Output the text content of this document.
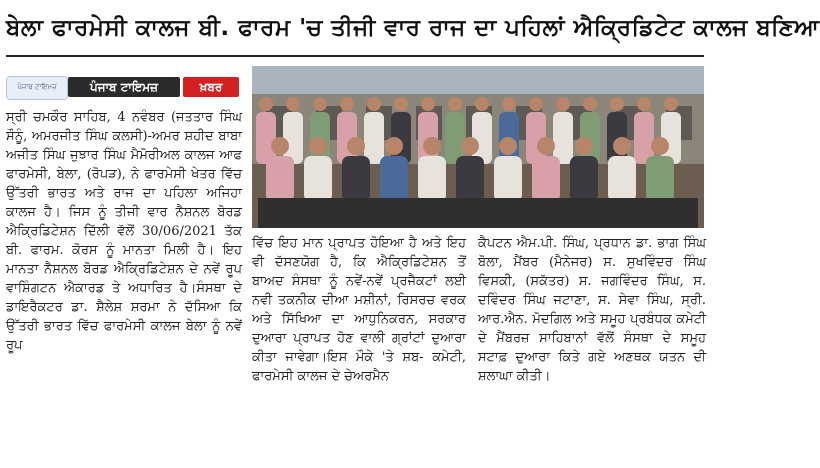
ਬੇਲਾ ਫਾਰਮੇਸੀ ਕਾਲਜ ਬੀ. ਫਾਰਮ 'ਚ ਤੀਜੀ ਵਾਰ ਰਾਜ ਦਾ ਪਹਿਲਾਂ ਐਕ੍ਰਿਡਿਟੇਟ ਕਾਲਜ ਬਣਿਆ
ਪੰਜਾਬ ਟਾਇਮਜ਼	ਪੰਜਾਬ ਟਾਇਮਜ਼	ਖ਼ਬਰ

ਸ੍ਰੀ ਚਮਕੌਰ ਸਾਹਿਬ, 4 ਨਵੰਬਰ (ਜਤਤਾਰ ਸਿੰਘ ਸੌਨੂੰ, ਅਮਰਜੀਤ ਸਿੰਘ ਕਲਸੀ)-ਅਮਰ ਸ਼ਹੀਦ ਬਾਬਾ ਅਜੀਤ ਸਿੰਘ ਜੁਝਾਰ ਸਿੰਘ ਮੈਮੋਰੀਅਲ ਕਾਲਜ ਆਫ ਫਾਰਮੇਸੀ, ਬੇਲਾ, (ਰੋਪੜ), ਨੇ ਫਾਰਮੇਸੀ ਖੇਤਰ ਵਿੱਚ ਉੱਤਰੀ ਭਾਰਤ ਅਤੇ ਰਾਜ ਦਾ ਪਹਿਲਾ ਅਜਿਹਾ ਕਾਲਜ ਹੈ। ਜਿਸ ਨੂੰ ਤੀਜੀ ਵਾਰ ਨੈਸ਼ਨਲ ਬੋਰਡ ਐਕ੍ਰਿਡਿਟੇਸ਼ਨ ਦਿੱਲੀ ਵੱਲੋਂ 30/06/2021 ਤੱਕ ਬੀ. ਫਾਰਮ. ਕੋਰਸ ਨੂੰ ਮਾਨਤਾ ਮਿਲੀ ਹੈ। ਇਹ ਮਾਨਤਾ ਨੈਸ਼ਨਲ ਬੋਰਡ ਐਕ੍ਰਿਡਿਟੇਸ਼ਨ ਦੇ ਨਵੇਂ ਰੂਪ ਵਾਸ਼ਿੰਗਟਨ ਐਕਾਰਡ ਤੇ ਅਧਾਰਿਤ ਹੈ।ਸੰਸਥਾ ਦੇ ਡਾਇਰੈਕਟਰ ਡਾ. ਸ਼ੈਲੇਸ਼ ਸ਼ਰਮਾ ਨੇ ਦੱਸਿਆ ਕਿ ਉੱਤਰੀ ਭਾਰਤ ਵਿੱਚ ਫਾਰਮੇਸੀ ਕਾਲਜ ਬੇਲਾ ਨੂੰ ਨਵੇਂ ਰੂਪ

ਵਿੱਚ ਇਹ ਮਾਨ ਪ੍ਰਾਪਤ ਹੋਇਆ ਹੈ ਅਤੇ ਇਹ ਵੀ ਦੱਸਣਯੋਗ ਹੈ, ਕਿ ਐਕ੍ਰਿਡਿਟੇਸ਼ਨ ਤੋਂ ਬਾਅਦ ਸੰਸਥਾ ਨੂੰ ਨਵੇਂ-ਨਵੇਂ ਪ੍ਰਜੈਕਟਾਂ ਲਈ ਨਵੀ ਤਕਨੀਕ ਦੀਆ ਮਸ਼ੀਨਾਂ, ਰਿਸਰਚ ਵਰਕ ਅਤੇ ਸਿੱਖਿਆ ਦਾ ਆਧੁਨਿਕਰਨ, ਸਰਕਾਰ ਦੁਆਰਾ ਪ੍ਰਾਪਤ ਹੋਣ ਵਾਲੀ ਗ੍ਰਾਂਟਾਂ ਦੁਆਰਾ ਕੀਤਾ ਜਾਵੇਗਾ।ਇਸ ਮੌਕੇ 'ਤੇ ਸ਼ਬ- ਕਮੇਟੀ, ਫਾਰਮੇਸੀ ਕਾਲਜ ਦੇ ਚੇਅਰਮੈਨ

ਕੈਪਟਨ ਐਮ.ਪੀ. ਸਿੰਘ, ਪ੍ਰਧਾਨ ਡਾ. ਭਾਗ ਸਿੰਘ ਬੋਲਾ, ਮੈਂਬਰ (ਮੈਨੇਜਰ) ਸ. ਸੁਖਵਿੰਦਰ ਸਿੰਘ ਵਿਸਕੀ, (ਸਕੱਤਰ) ਸ. ਜਗਵਿੰਦਰ ਸਿੰਘ, ਸ. ਦਵਿੰਦਰ ਸਿੰਘ ਜਟਾਣਾ, ਸ. ਸੇਵਾ ਸਿੰਘ, ਸ੍ਰੀ. ਆਰ.ਐਨ. ਮੋਦਗਿਲ ਅਤੇ ਸਮੂਹ ਪ੍ਰਬੰਧਕ ਕਮੇਟੀ ਦੇ ਮੈਂਬਰਜ਼ ਸਾਹਿਬਾਨਾਂ ਵੱਲੋਂ ਸੰਸਥਾ ਦੇ ਸਮੂਹ ਸਟਾਫ਼ ਦੁਆਰਾ ਕਿਤੇ ਗਏ ਅਣਥਕ ਯਤਨ ਦੀ ਸ਼ਲਾਘਾ ਕੀਤੀ।
